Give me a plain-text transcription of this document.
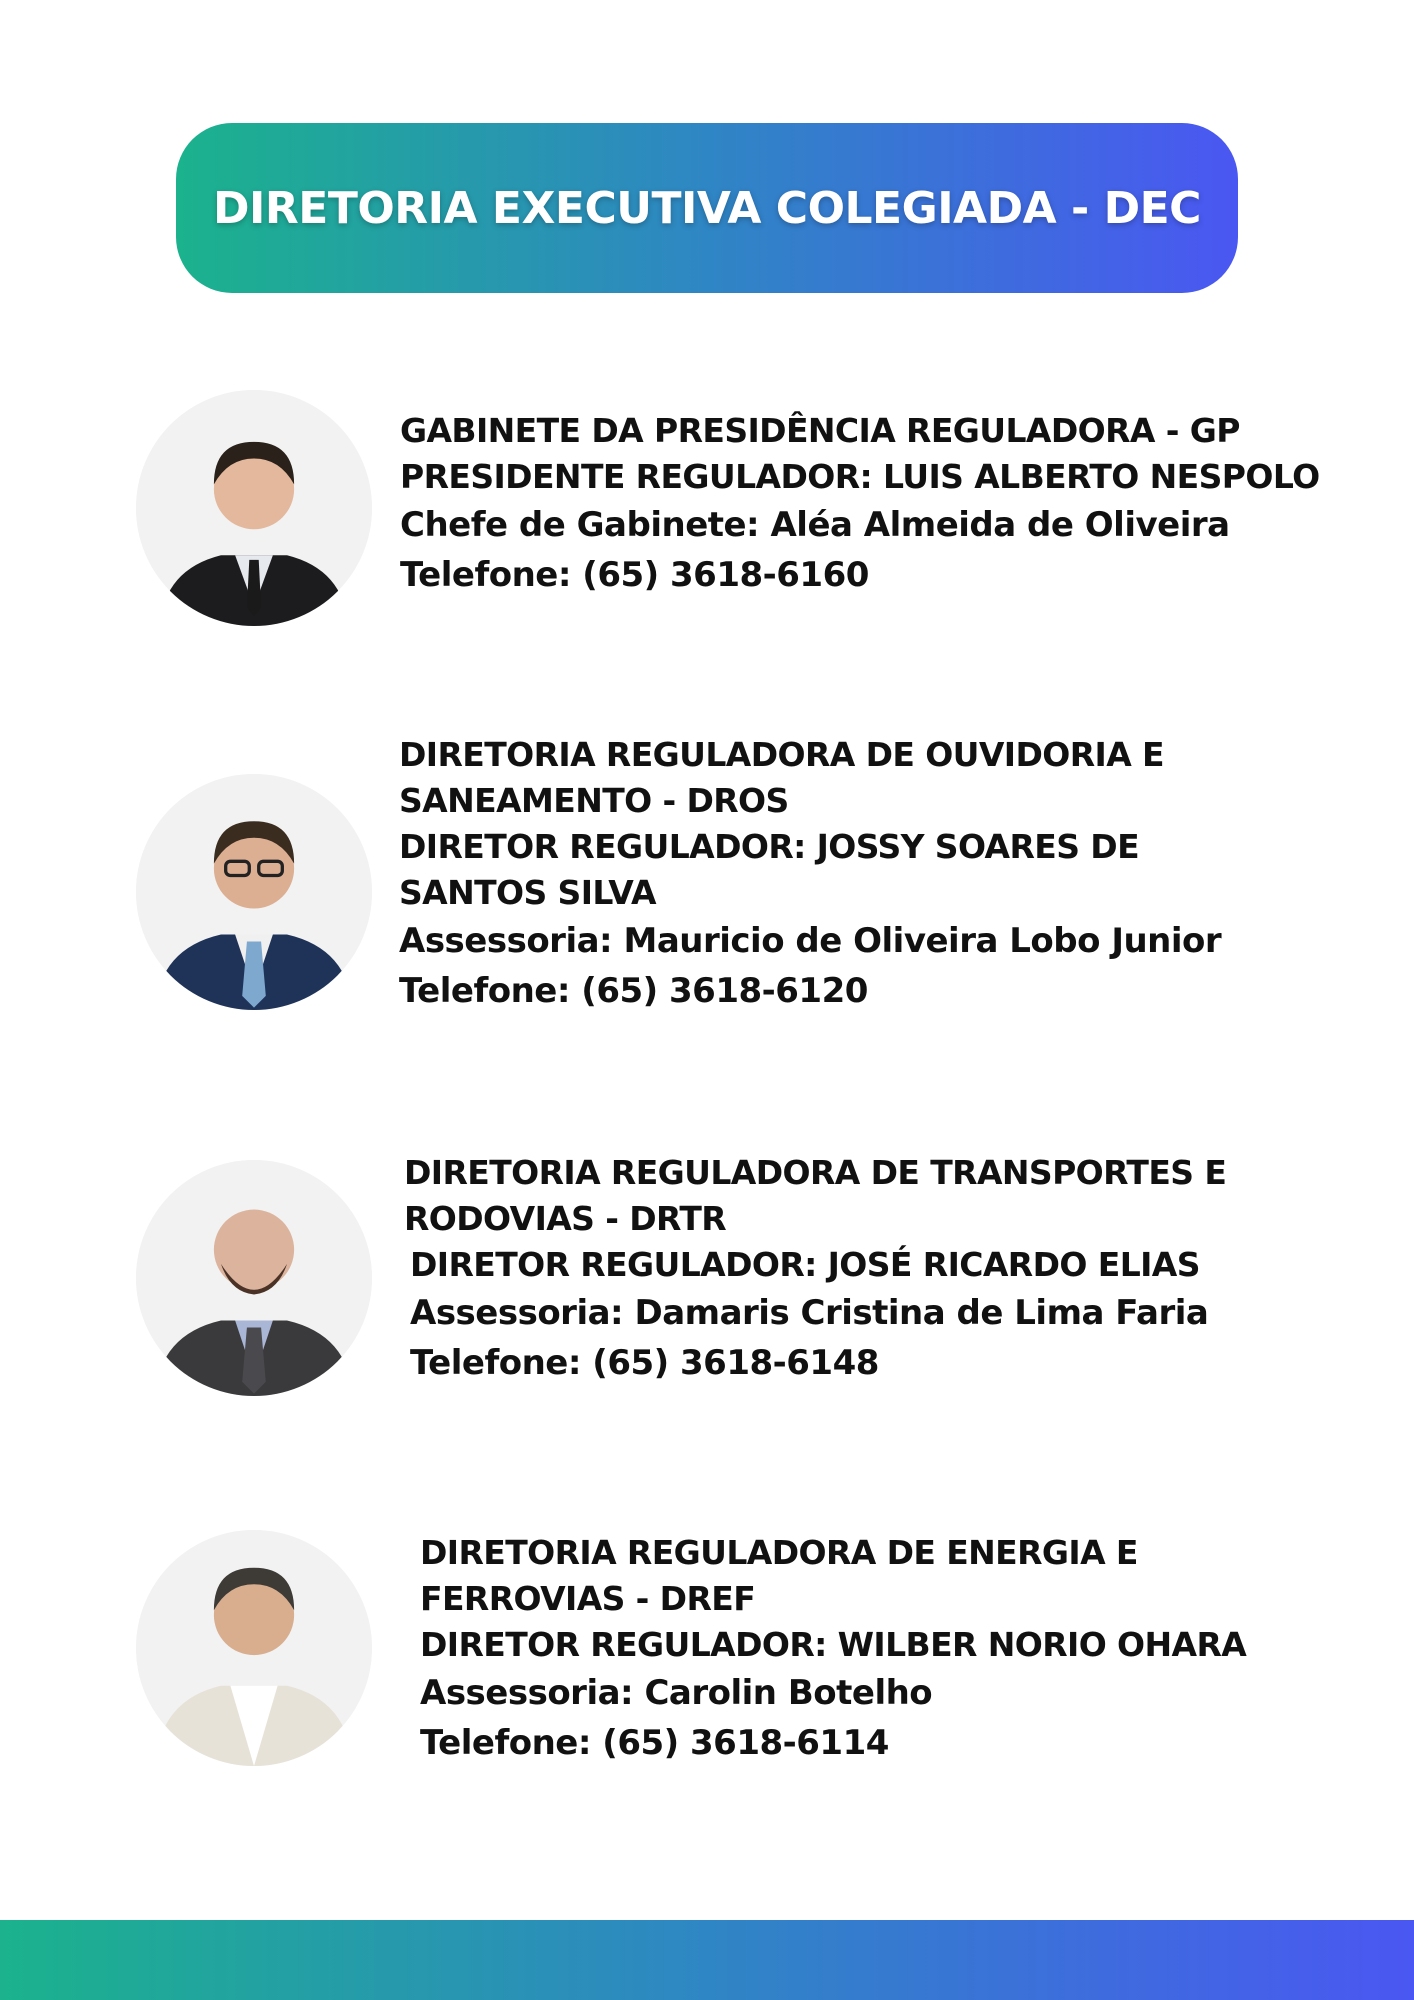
DIRETORIA EXECUTIVA COLEGIADA - DEC
GABINETE DA PRESIDÊNCIA REGULADORA - GP
PRESIDENTE REGULADOR: LUIS ALBERTO NESPOLO
Chefe de Gabinete: Aléa Almeida de Oliveira
Telefone: (65) 3618-6160
DIRETORIA REGULADORA DE OUVIDORIA E
SANEAMENTO - DROS
DIRETOR REGULADOR: JOSSY SOARES DE
SANTOS SILVA
Assessoria: Mauricio de Oliveira Lobo Junior
Telefone: (65) 3618-6120
DIRETORIA REGULADORA DE TRANSPORTES E
RODOVIAS - DRTR
DIRETOR REGULADOR: JOSÉ RICARDO ELIAS
Assessoria: Damaris Cristina de Lima Faria
Telefone: (65) 3618-6148
DIRETORIA REGULADORA DE ENERGIA E
FERROVIAS - DREF
DIRETOR REGULADOR: WILBER NORIO OHARA
Assessoria: Carolin Botelho
Telefone: (65) 3618-6114
